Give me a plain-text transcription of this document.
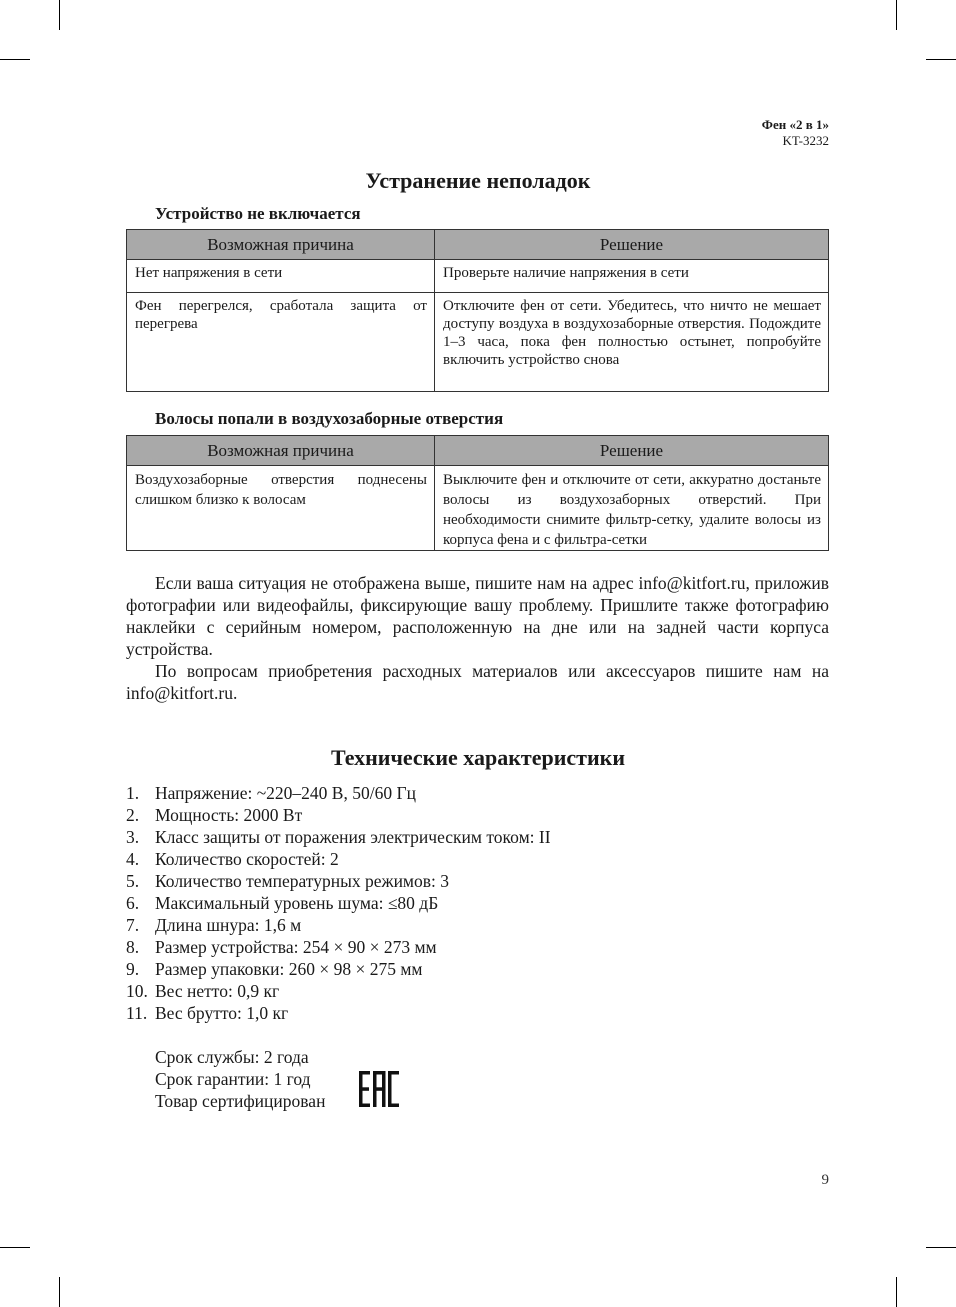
Фен «2 в 1»
KT-3232
Устранение неполадок
Устройство не включается
Возможная причина	Решение
Нет напряжения в сети	Проверьте наличие напряжения в сети
Фен перегрелся, сработала защита от перегрева	Отключите фен от сети. Убедитесь, что ничто не мешает доступу воздуха в воздухозаборные отверстия. Подождите 1–3 часа, пока фен полностью остынет, попробуйте включить устройство снова
Волосы попали в воздухозаборные отверстия
Возможная причина	Решение
Воздухозаборные отверстия поднесены слишком близко к волосам	Выключите фен и отключите от сети, аккуратно достаньте волосы из воздухозаборных отверстий. При необходимости снимите фильтр-сетку, удалите волосы из корпуса фена и с фильтра-сетки

Если ваша ситуация не отображена выше, пишите нам на адрес info@kitfort.ru, приложив фотографии или видеофайлы, фиксирующие вашу проблему. Пришлите также фотографию наклейки с серийным номером, расположенную на дне или на задней части корпуса устройства.

По вопросам приобретения расходных материалов или аксессуаров пишите нам на info@kitfort.ru.

Технические характеристики
1. Напряжение: ~220–240 В, 50/60 Гц
2. Мощность: 2000 Вт
3. Класс защиты от поражения электрическим током: II
4. Количество скоростей: 2
5. Количество температурных режимов: 3
6. Максимальный уровень шума: ≤80 дБ
7. Длина шнура: 1,6 м
8. Размер устройства: 254 × 90 × 273 мм
9. Размер упаковки: 260 × 98 × 275 мм
10. Вес нетто: 0,9 кг
11. Вес брутто: 1,0 кг
Срок службы: 2 года
Срок гарантии: 1 год
Товар сертифицирован
9
